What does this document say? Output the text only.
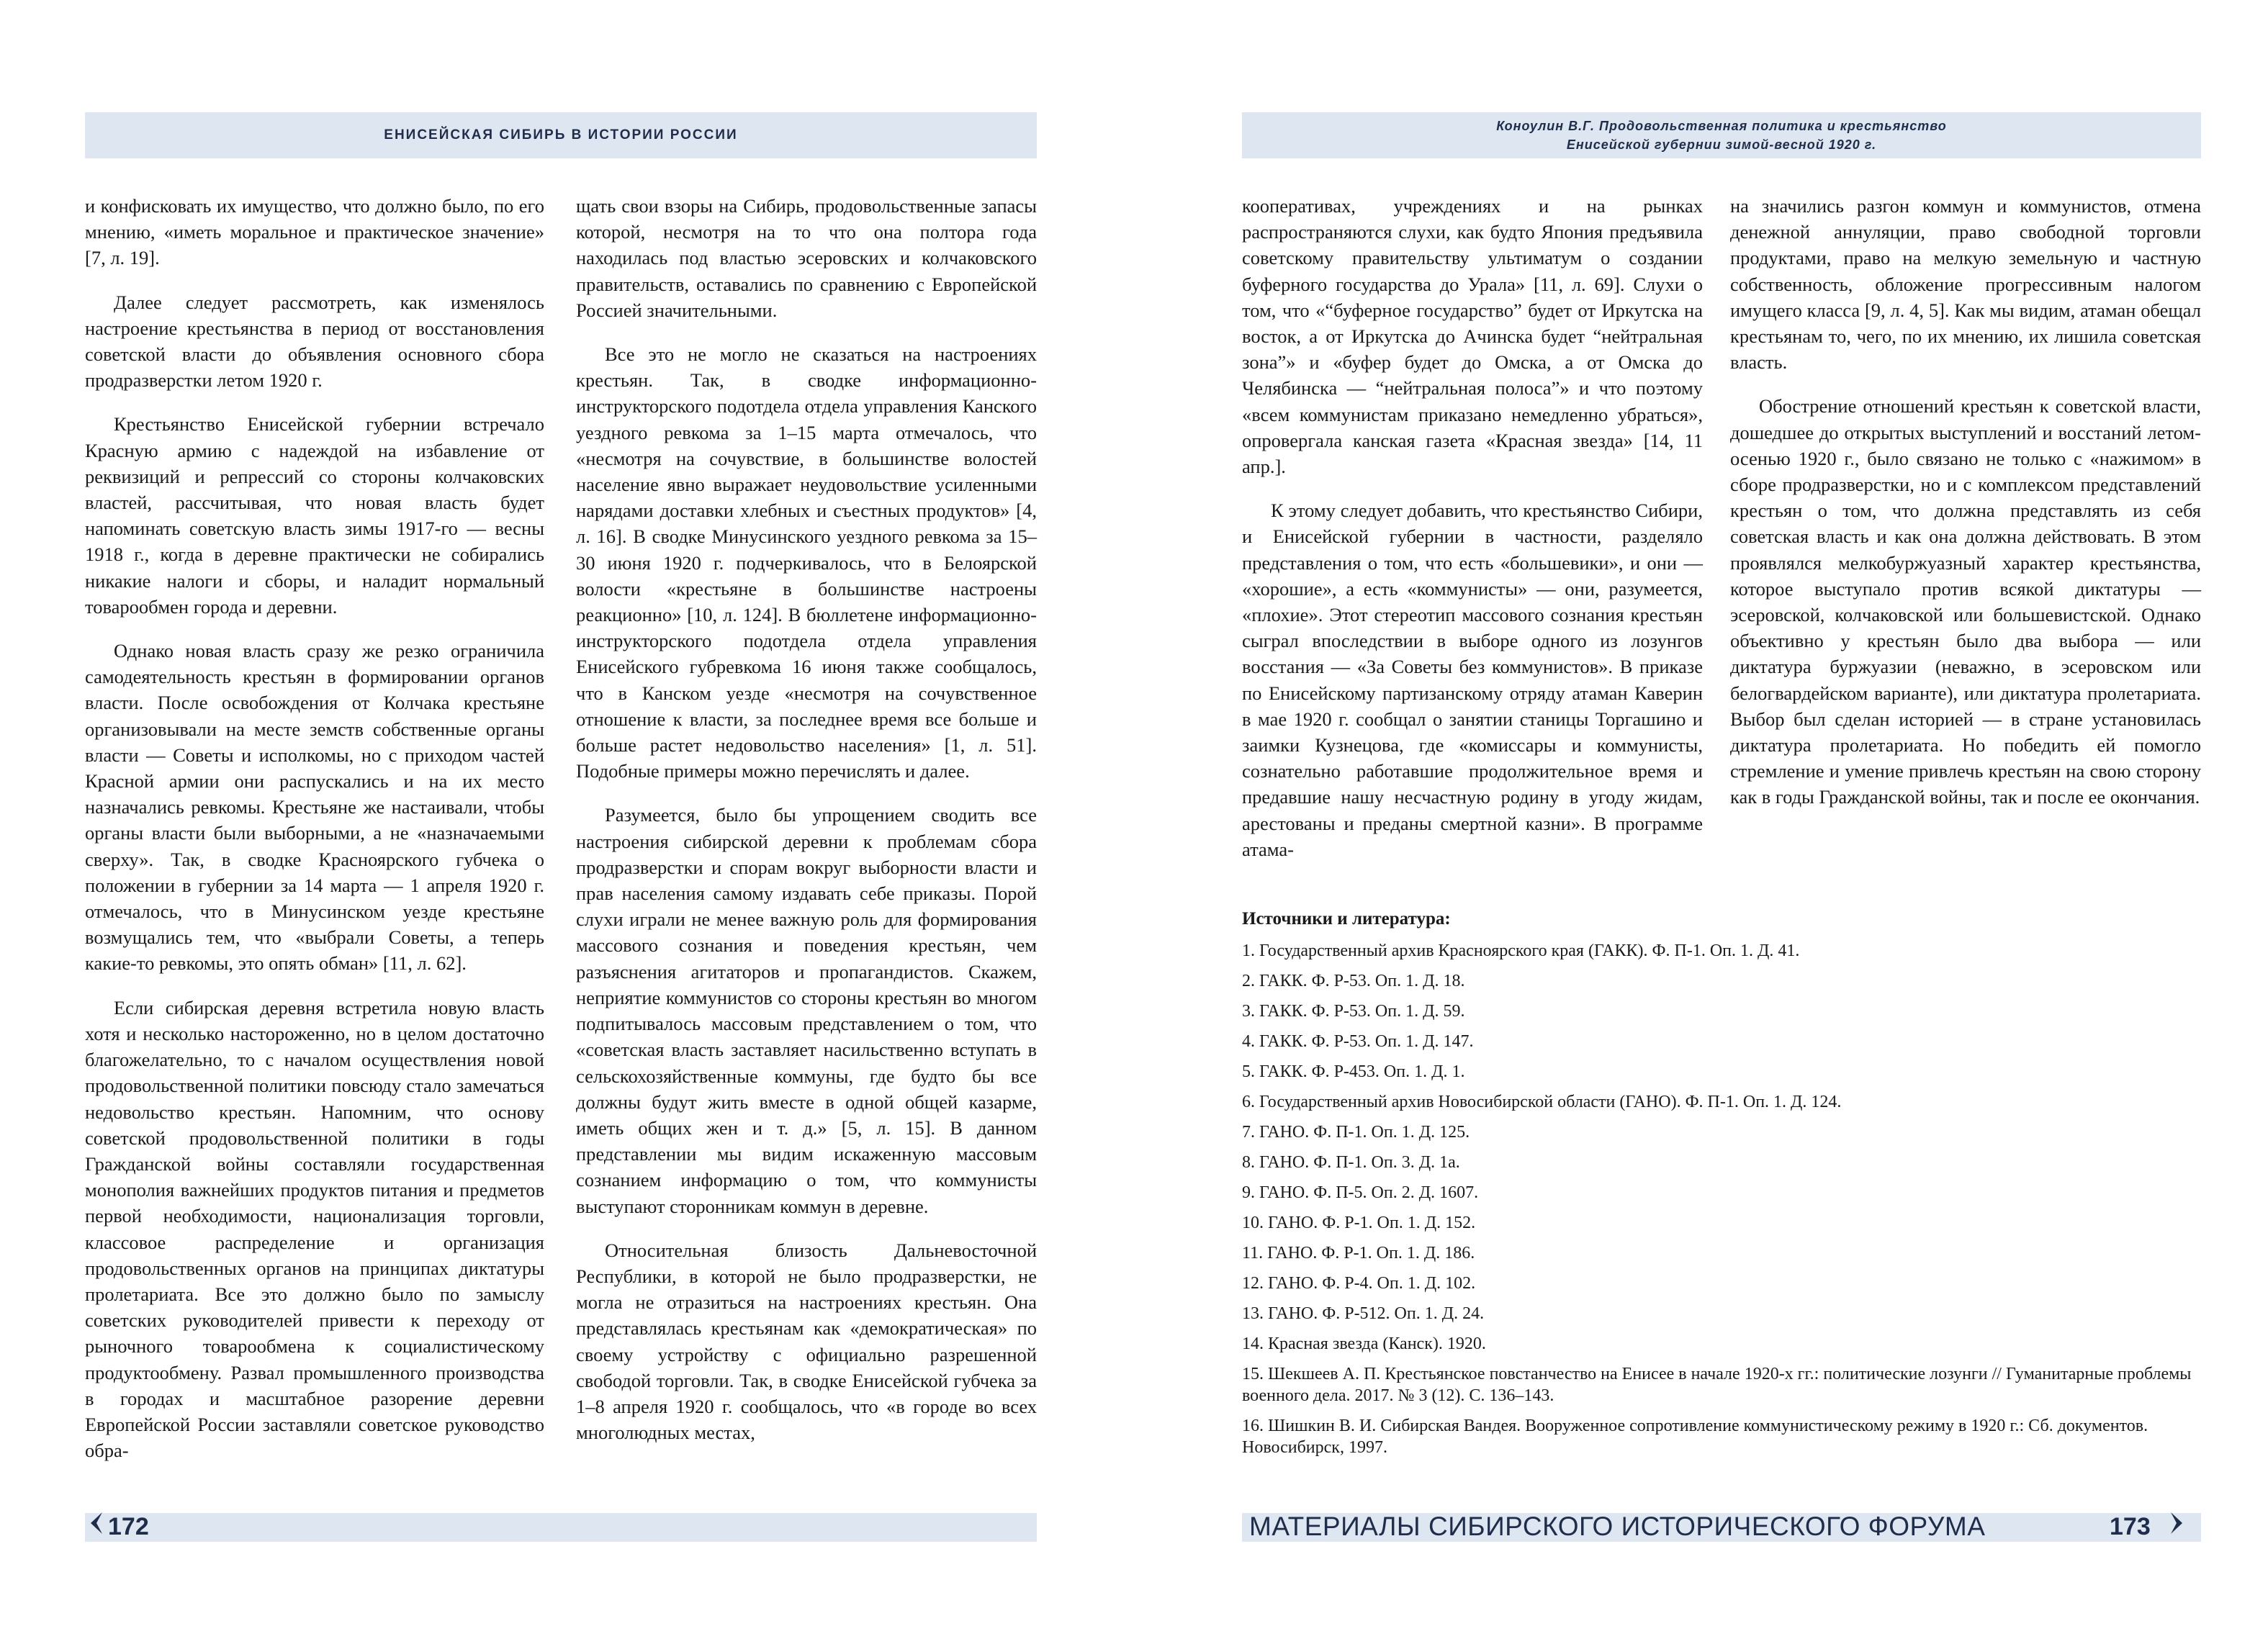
ЕНИСЕЙСКАЯ СИБИРЬ В ИСТОРИИ РОССИИ

и конфисковать их имущество, что должно было, по его мнению, «иметь моральное и практическое значение» [7, л. 19].

Далее следует рассмотреть, как изменялось настроение крестьянства в период от восстановления советской власти до объявления основного сбора продразверстки летом 1920 г.

Крестьянство Енисейской губернии встречало Красную армию с надеждой на избавление от реквизиций и репрессий со стороны колчаковских властей, рассчитывая, что новая власть будет напоминать советскую власть зимы 1917-го — весны 1918 г., когда в деревне практически не собирались никакие налоги и сборы, и наладит нормальный товарообмен города и деревни.

Однако новая власть сразу же резко ограничила самодеятельность крестьян в формировании органов власти. После освобождения от Колчака крестьяне организовывали на месте земств собственные органы власти — Советы и исполкомы, но с приходом частей Красной армии они распускались и на их место назначались ревкомы. Крестьяне же настаивали, чтобы органы власти были выборными, а не «назначаемыми сверху». Так, в сводке Красноярского губчека о положении в губернии за 14 марта — 1 апреля 1920 г. отмечалось, что в Минусинском уезде крестьяне возмущались тем, что «выбрали Советы, а теперь какие-то ревкомы, это опять обман» [11, л. 62].

Если сибирская деревня встретила новую власть хотя и несколько настороженно, но в целом достаточно благожелательно, то с началом осуществления новой продовольственной политики повсюду стало замечаться недовольство крестьян. Напомним, что основу советской продовольственной политики в годы Гражданской войны составляли государственная монополия важнейших продуктов питания и предметов первой необходимости, национализация торговли, классовое распределение и организация продовольственных органов на принципах диктатуры пролетариата. Все это должно было по замыслу советских руководителей привести к переходу от рыночного товарообмена к социалистическому продуктообмену. Развал промышленного производства в городах и масштабное разорение деревни Европейской России заставляли советское руководство обра-

щать свои взоры на Сибирь, продовольственные запасы которой, несмотря на то что она полтора года находилась под властью эсеровских и колчаковского правительств, оставались по сравнению с Европейской Россией значительными.

Все это не могло не сказаться на настроениях крестьян. Так, в сводке информационно-инструкторского подотдела отдела управления Канского уездного ревкома за 1–15 марта отмечалось, что «несмотря на сочувствие, в большинстве волостей население явно выражает неудовольствие усиленными нарядами доставки хлебных и съестных продуктов» [4, л. 16]. В сводке Минусинского уездного ревкома за 15–30 июня 1920 г. подчеркивалось, что в Белоярской волости «крестьяне в большинстве настроены реакционно» [10, л. 124]. В бюллетене информационно-инструкторского подотдела отдела управления Енисейского губревкома 16 июня также сообщалось, что в Канском уезде «несмотря на сочувственное отношение к власти, за последнее время все больше и больше растет недовольство населения» [1, л. 51]. Подобные примеры можно перечислять и далее.

Разумеется, было бы упрощением сводить все настроения сибирской деревни к проблемам сбора продразверстки и спорам вокруг выборности власти и прав населения самому издавать себе приказы. Порой слухи играли не менее важную роль для формирования массового сознания и поведения крестьян, чем разъяснения агитаторов и пропагандистов. Скажем, неприятие коммунистов со стороны крестьян во многом подпитывалось массовым представлением о том, что «советская власть заставляет насильственно вступать в сельскохозяйственные коммуны, где будто бы все должны будут жить вместе в одной общей казарме, иметь общих жен и т. д.» [5, л. 15]. В данном представлении мы видим искаженную массовым сознанием информацию о том, что коммунисты выступают сторонникам коммун в деревне.

Относительная близость Дальневосточной Республики, в которой не было продразверстки, не могла не отразиться на настроениях крестьян. Она представлялась крестьянам как «демократическая» по своему устройству с официально разрешенной свободой торговли. Так, в сводке Енисейской губчека за 1–8 апреля 1920 г. сообщалось, что «в городе во всех многолюдных местах,

172
Коноулин В.Г. Продовольственная политика и крестьянство
Енисейской губернии зимой-весной 1920 г.

кооперативах, учреждениях и на рынках распространяются слухи, как будто Япония предъявила советскому правительству ультиматум о создании буферного государства до Урала» [11, л. 69]. Слухи о том, что «“буферное государство” будет от Иркутска на восток, а от Иркутска до Ачинска будет “нейтральная зона”» и «буфер будет до Омска, а от Омска до Челябинска — “нейтральная полоса”» и что поэтому «всем коммунистам приказано немедленно убраться», опровергала канская газета «Красная звезда» [14, 11 апр.].

К этому следует добавить, что крестьянство Сибири, и Енисейской губернии в частности, разделяло представления о том, что есть «большевики», и они — «хорошие», а есть «коммунисты» — они, разумеется, «плохие». Этот стереотип массового сознания крестьян сыграл впоследствии в выборе одного из лозунгов восстания — «За Советы без коммунистов». В приказе по Енисейскому партизанскому отряду атаман Каверин в мае 1920 г. сообщал о занятии станицы Торгашино и заимки Кузнецова, где «комиссары и коммунисты, сознательно работавшие продолжительное время и предавшие нашу несчастную родину в угоду жидам, арестованы и преданы смертной казни». В программе атама-

на значились разгон коммун и коммунистов, отмена денежной аннуляции, право свободной торговли продуктами, право на мелкую земельную и частную собственность, обложение прогрессивным налогом имущего класса [9, л. 4, 5]. Как мы видим, атаман обещал крестьянам то, чего, по их мнению, их лишила советская власть.

Обострение отношений крестьян к советской власти, дошедшее до открытых выступлений и восстаний летом-осенью 1920 г., было связано не только с «нажимом» в сборе продразверстки, но и с комплексом представлений крестьян о том, что должна представлять из себя советская власть и как она должна действовать. В этом проявлялся мелкобуржуазный характер крестьянства, которое выступало против всякой диктатуры — эсеровской, колчаковской или большевистской. Однако объективно у крестьян было два выбора — или диктатура буржуазии (неважно, в эсеровском или белогвардейском варианте), или диктатура пролетариата. Выбор был сделан историей — в стране установилась диктатура пролетариата. Но победить ей помогло стремление и умение привлечь крестьян на свою сторону как в годы Гражданской войны, так и после ее окончания.

Источники и литература:
1. Государственный архив Красноярского края (ГАКК). Ф. П-1. Оп. 1. Д. 41.
2. ГАКК. Ф. Р-53. Оп. 1. Д. 18.
3. ГАКК. Ф. Р-53. Оп. 1. Д. 59.
4. ГАКК. Ф. Р-53. Оп. 1. Д. 147.
5. ГАКК. Ф. Р-453. Оп. 1. Д. 1.
6. Государственный архив Новосибирской области (ГАНО). Ф. П-1. Оп. 1. Д. 124.
7. ГАНО. Ф. П-1. Оп. 1. Д. 125.
8. ГАНО. Ф. П-1. Оп. 3. Д. 1а.
9. ГАНО. Ф. П-5. Оп. 2. Д. 1607.
10. ГАНО. Ф. Р-1. Оп. 1. Д. 152.
11. ГАНО. Ф. Р-1. Оп. 1. Д. 186.
12. ГАНО. Ф. Р-4. Оп. 1. Д. 102.
13. ГАНО. Ф. Р-512. Оп. 1. Д. 24.
14. Красная звезда (Канск). 1920.
15. Шекшеев А. П. Крестьянское повстанчество на Енисее в начале 1920-х гг.: политические лозунги // Гуманитарные проблемы военного дела. 2017. № 3 (12). С. 136–143.
16. Шишкин В. И. Сибирская Вандея. Вооруженное сопротивление коммунистическому режиму в 1920 г.: Сб. документов. Новосибирск, 1997.
МАТЕРИАЛЫ СИБИРСКОГО ИСТОРИЧЕСКОГО ФОРУМА	173
